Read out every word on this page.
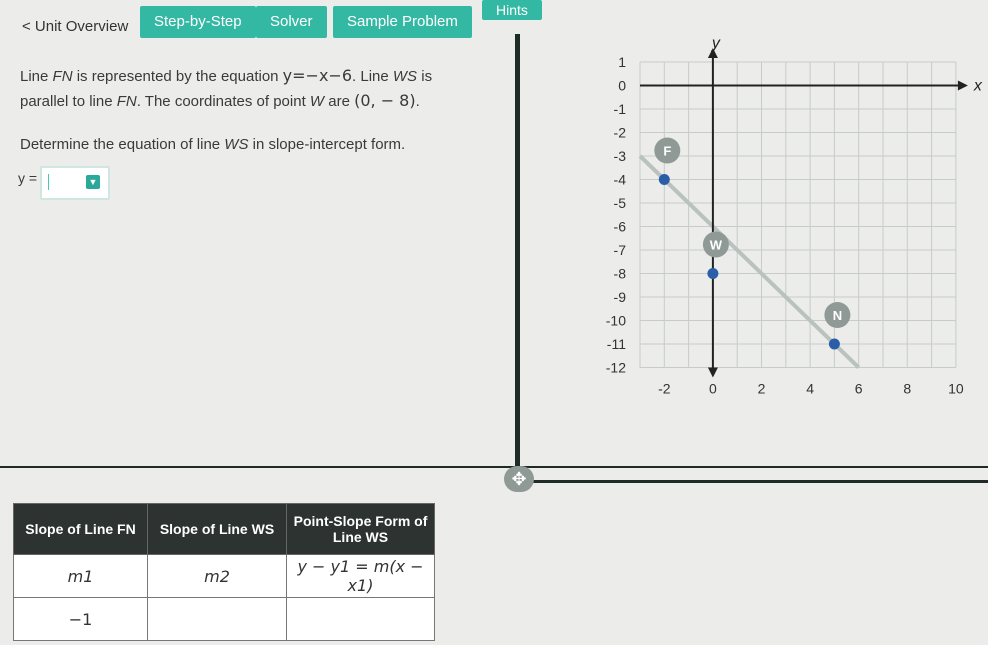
< Unit Overview	Step-by-Step	Solver	Sample Problem
Hints
Line FN is represented by the equation y=−x−6. Line WS is
parallel to line FN. The coordinates of point W are (0, − 8).
Determine the equation of line WS in slope-intercept form.
y =	▼
x
y
1
0
-1
-2
-3
-4
-5
-6
-7
-8
-9
-10
-11
-12
-2	0	2	4	6	8	10
F
W
N
✥
Slope of Line FN	Slope of Line WS	Point-Slope Form of Line WS
m1	m2	y − y1 = m(x − x1)
−1		
